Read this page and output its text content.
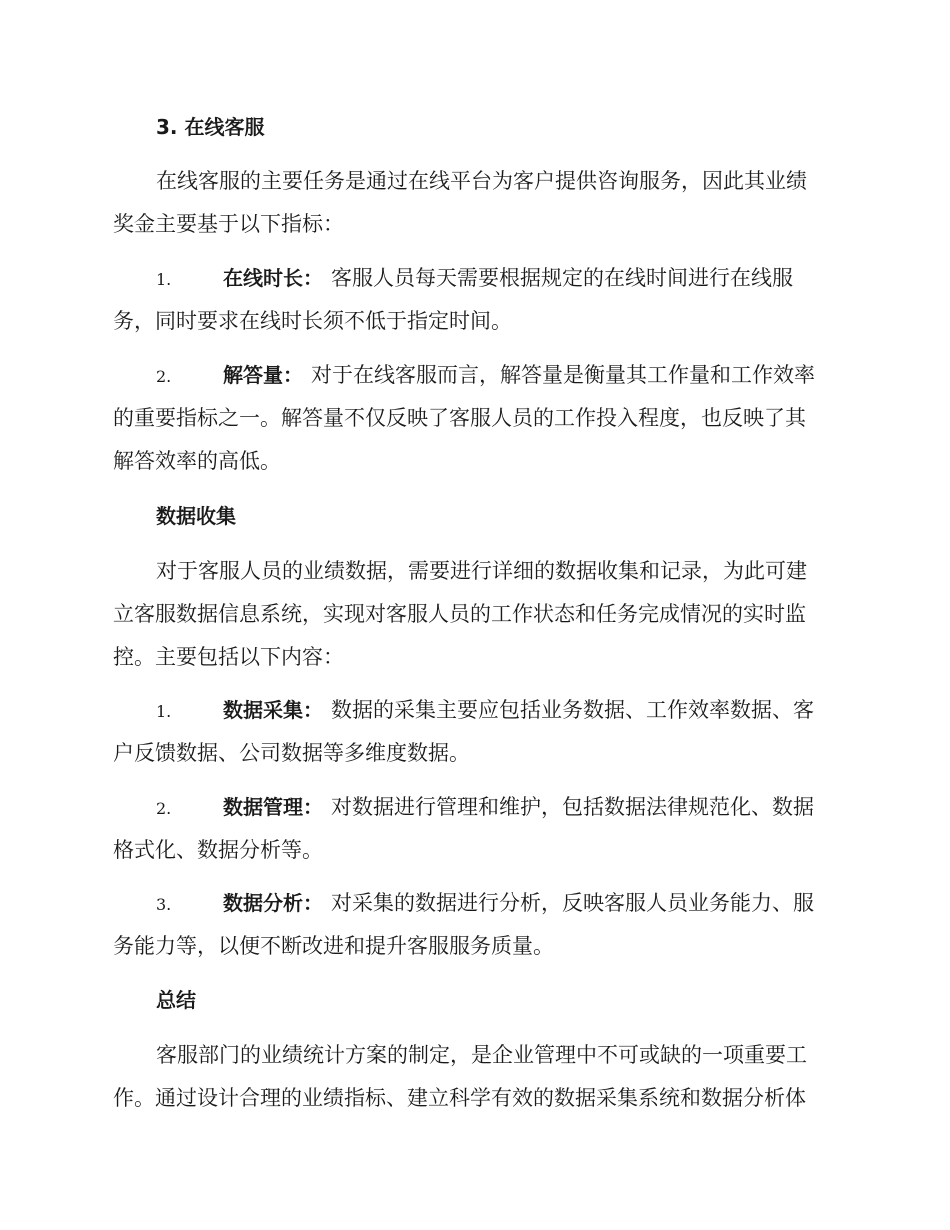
3. 在线客服
在线客服的主要任务是通过在线平台为客户提供咨询服务，因此其业绩
奖金主要基于以下指标：
1.	在线时长： 客服人员每天需要根据规定的在线时间进行在线服
务，同时要求在线时长须不低于指定时间。
2.	解答量： 对于在线客服而言，解答量是衡量其工作量和工作效率
的重要指标之一。解答量不仅反映了客服人员的工作投入程度，也反映了其
解答效率的高低。
数据收集
对于客服人员的业绩数据，需要进行详细的数据收集和记录，为此可建
立客服数据信息系统，实现对客服人员的工作状态和任务完成情况的实时监
控。主要包括以下内容：
1.	数据采集： 数据的采集主要应包括业务数据、工作效率数据、客
户反馈数据、公司数据等多维度数据。
2.	数据管理： 对数据进行管理和维护，包括数据法律规范化、数据
格式化、数据分析等。
3.	数据分析： 对采集的数据进行分析，反映客服人员业务能力、服
务能力等，以便不断改进和提升客服服务质量。
总结
客服部门的业绩统计方案的制定，是企业管理中不可或缺的一项重要工
作。通过设计合理的业绩指标、建立科学有效的数据采集系统和数据分析体
